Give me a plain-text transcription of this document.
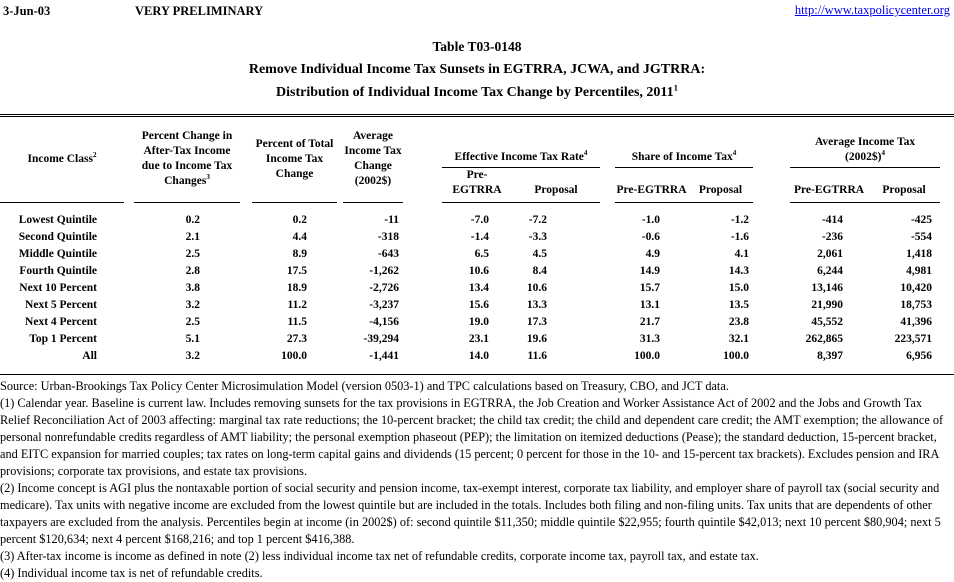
3-Jun-03	VERY PRELIMINARY	http://www.taxpolicycenter.org
Table T03-0148
Remove Individual Income Tax Sunsets in EGTRRA, JCWA, and JGTRRA:
Distribution of Individual Income Tax Change by Percentiles, 2011$^1$
Income Class$^2$		Percent Change in After-Tax Income due to Income Tax Changes$^3$		Percent of Total Income Tax Change		Average Income Tax Change (2002$)		Effective Income Tax Rate$^4$			Share of Income Tax$^4$			Average Income Tax
(2002$)$^4$	
								Pre-EGTRRA	Proposal		Pre-EGTRRA	Proposal		Pre-EGTRRA	Proposal	
Lowest Quintile		0.2		0.2		-11		-7.0	-7.2		-1.0	-1.2		-414	-425	
Second Quintile		2.1		4.4		-318		-1.4	-3.3		-0.6	-1.6		-236	-554	
Middle Quintile		2.5		8.9		-643		6.5	4.5		4.9	4.1		2,061	1,418	
Fourth Quintile		2.8		17.5		-1,262		10.6	8.4		14.9	14.3		6,244	4,981	
Next 10 Percent		3.8		18.9		-2,726		13.4	10.6		15.7	15.0		13,146	10,420	
Next 5 Percent		3.2		11.2		-3,237		15.6	13.3		13.1	13.5		21,990	18,753	
Next 4 Percent		2.5		11.5		-4,156		19.0	17.3		21.7	23.8		45,552	41,396	
Top 1 Percent		5.1		27.3		-39,294		23.1	19.6		31.3	32.1		262,865	223,571	
All		3.2		100.0		-1,441		14.0	11.6		100.0	100.0		8,397	6,956	

Source: Urban-Brookings Tax Policy Center Microsimulation Model (version 0503-1) and TPC calculations based on Treasury, CBO, and JCT data.

(1) Calendar year. Baseline is current law. Includes removing sunsets for the tax provisions in EGTRRA, the Job Creation and Worker Assistance Act of 2002 and the Jobs and Growth Tax Relief Reconciliation Act of 2003 affecting: marginal tax rate reductions; the 10-percent bracket; the child tax credit; the child and dependent care credit; the AMT exemption; the allowance of personal nonrefundable credits regardless of AMT liability; the personal exemption phaseout (PEP); the limitation on itemized deductions (Pease); the standard deduction, 15-percent bracket, and EITC expansion for married couples; tax rates on long-term capital gains and dividends (15 percent; 0 percent for those in the 10- and 15-percent tax brackets). Excludes pension and IRA provisions; corporate tax provisions, and estate tax provisions.

(2) Income concept is AGI plus the nontaxable portion of social security and pension income, tax-exempt interest, corporate tax liability, and employer share of payroll tax (social security and medicare). Tax units with negative income are excluded from the lowest quintile but are included in the totals. Includes both filing and non-filing units. Tax units that are dependents of other taxpayers are excluded from the analysis. Percentiles begin at income (in 2002$) of: second quintile $11,350; middle quintile $22,955; fourth quintile $42,013; next 10 percent $80,904; next 5 percent $120,634; next 4 percent $168,216; and top 1 percent $416,388.

(3) After-tax income is income as defined in note (2) less individual income tax net of refundable credits, corporate income tax, payroll tax, and estate tax.

(4) Individual income tax is net of refundable credits.
